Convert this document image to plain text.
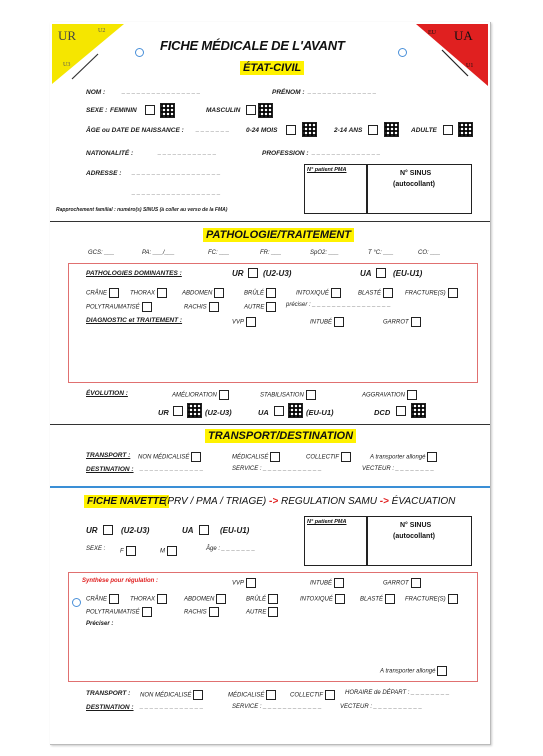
UR	U2
U3
UA
EU
U1
FICHE MÉDICALE DE L'AVANT
ÉTAT-CIVIL
NOM :	_ _ _ _ _ _ _ _ _ _ _ _ _ _ _ _	PRÉNOM : _ _ _ _ _ _ _ _ _ _ _ _ _ _
SEXE : FEMININ	MASCULIN
ÂGE ou DATE DE NAISSANCE : _ _ _ _ _ _ _	0-24 MOIS	2-14 ANS	ADULTE
NATIONALITÉ :	_ _ _ _ _ _ _ _ _ _ _ _	PROFESSION : _ _ _ _ _ _ _ _ _ _ _ _ _ _
ADRESSE : _ _ _ _ _ _ _ _ _ _ _ _ _ _ _ _ _ _
_ _ _ _ _ _ _ _ _ _ _ _ _ _ _ _ _ _
N° patient PMA	N° SINUS
(autocollant)
Rapprochement familial : numéro(s) SINUS (à coller au verso de la FMA)
PATHOLOGIE/TRAITEMENT
GCS: ___	PA: ___/___	FC: ___	FR: ___	SpO2: ___	T °C: ___	CO: ___
PATHOLOGIES DOMINANTES :	UR (U2-U3)	UA	(EU-U1)
CRÂNE	THORAX	ABDOMEN	BRÛLÉ	INTOXIQUÉ	BLASTÉ	FRACTURE(S)
POLYTRAUMATISÉ	RACHIS	AUTRE	préciser : _ _ _ _ _ _ _ _ _ _ _ _ _ _ _ _
DIAGNOSTIC et TRAITEMENT :	VVP	INTUBÉ	GARROT
ÉVOLUTION :	AMÉLIORATION	STABILISATION	AGGRAVATION
UR	(U2-U3)	UA	(EU-U1)	DCD
TRANSPORT/DESTINATION
TRANSPORT : NON MÉDICALISÉ	MÉDICALISÉ	COLLECTIF	A transporter allongé
DESTINATION : _ _ _ _ _ _ _ _ _ _ _ _ _	SERVICE : _ _ _ _ _ _ _ _ _ _ _ _	VECTEUR : _ _ _ _ _ _ _ _
FICHE NAVETTE
(PRV / PMA / TRIAGE) -> REGULATION SAMU -> ÉVACUATION
UR	(U2-U3)	UA	(EU-U1)
SEXE : F	M	Âge : _ _ _ _ _ _ _
N° patient PMA	N° SINUS
(autocollant)
Synthèse pour régulation :	VVP	INTUBÉ	GARROT
CRÂNE	THORAX	ABDOMEN	BRÛLÉ	INTOXIQUÉ	BLASTÉ	FRACTURE(S)
POLYTRAUMATISÉ	RACHIS	AUTRE
Préciser :
A transporter allongé
TRANSPORT : NON MÉDICALISÉ	MÉDICALISÉ	COLLECTIF	HORAIRE de DÉPART : _ _ _ _ _ _ _ _
DESTINATION : _ _ _ _ _ _ _ _ _ _ _ _ _	SERVICE : _ _ _ _ _ _ _ _ _ _ _ _	VECTEUR : _ _ _ _ _ _ _ _ _ _
